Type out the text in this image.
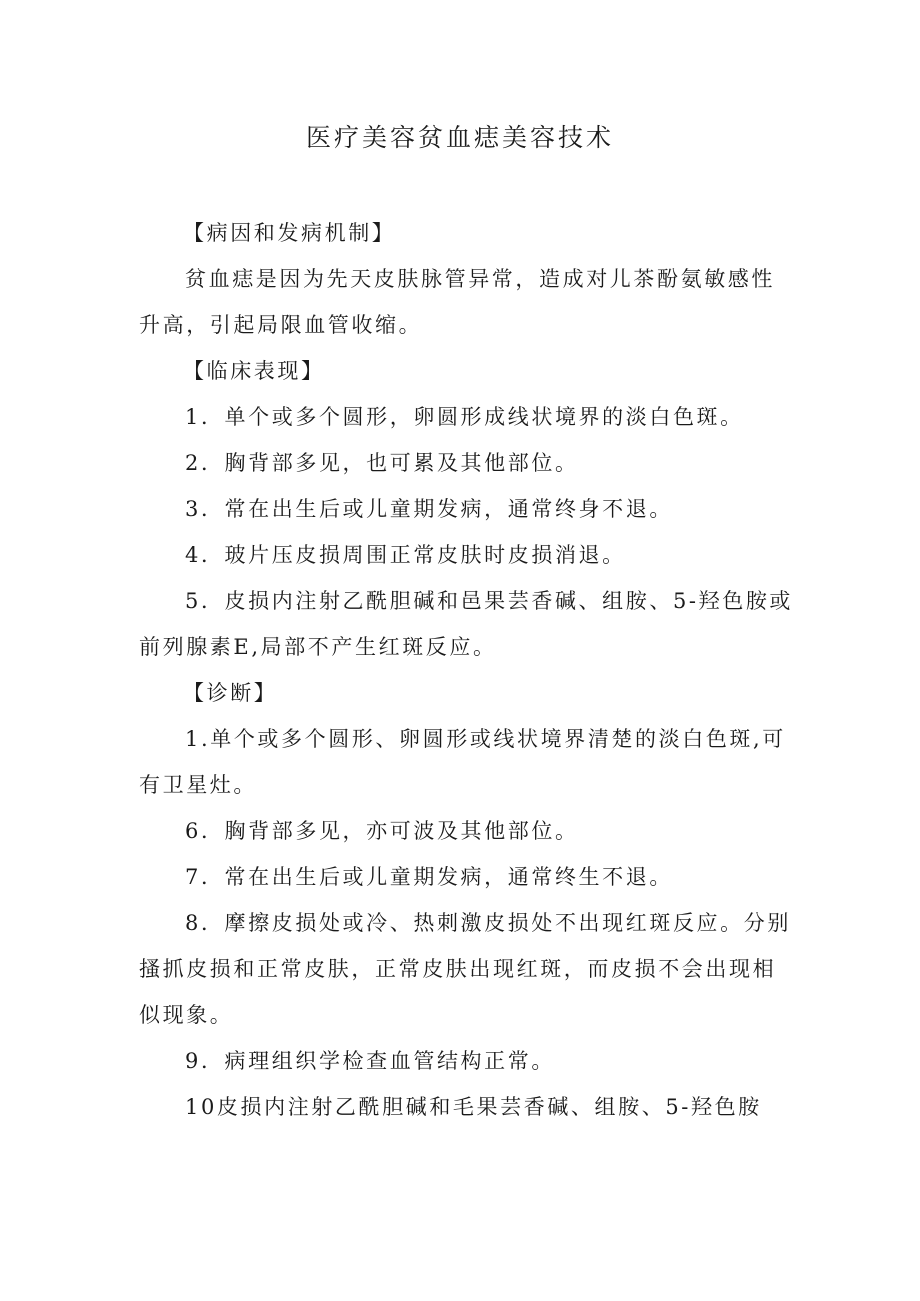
医疗美容贫血痣美容技术

【病因和发病机制】

贫血痣是因为先天皮肤脉管异常，造成对儿茶酚氨敏感性升高，引起局限血管收缩。

【临床表现】

1．单个或多个圆形，卵圆形成线状境界的淡白色斑。

2．胸背部多见，也可累及其他部位。

3．常在出生后或儿童期发病，通常终身不退。

4．玻片压皮损周围正常皮肤时皮损消退。

5．皮损内注射乙酰胆碱和邑果芸香碱、组胺、5-羟色胺或前列腺素E,局部不产生红斑反应。

【诊断】

1.单个或多个圆形、卵圆形或线状境界清楚的淡白色斑,可有卫星灶。

6．胸背部多见，亦可波及其他部位。

7．常在出生后或儿童期发病，通常终生不退。

8．摩擦皮损处或冷、热刺激皮损处不出现红斑反应。分别搔抓皮损和正常皮肤，正常皮肤出现红斑，而皮损不会出现相似现象。

9．病理组织学检查血管结构正常。

10皮损内注射乙酰胆碱和毛果芸香碱、组胺、5-羟色胺
